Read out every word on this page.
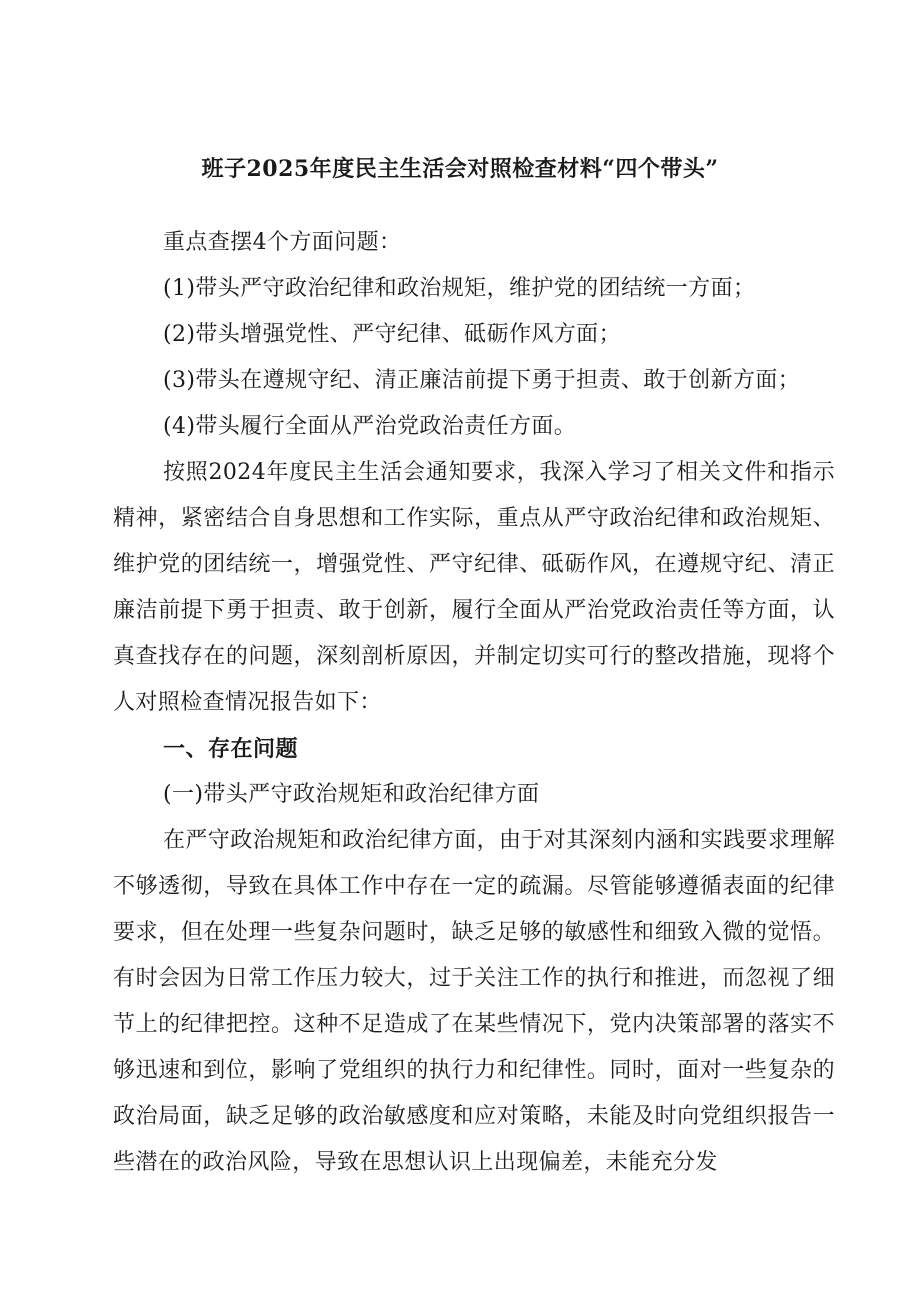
班子2025年度民主生活会对照检查材料“四个带头”

重点查摆4个方面问题：

(1)带头严守政治纪律和政治规矩，维护党的团结统一方面；

(2)带头增强党性、严守纪律、砥砺作风方面；

(3)带头在遵规守纪、清正廉洁前提下勇于担责、敢于创新方面；

(4)带头履行全面从严治党政治责任方面。

按照2024年度民主生活会通知要求，我深入学习了相关文件和指示精神，紧密结合自身思想和工作实际，重点从严守政治纪律和政治规矩、维护党的团结统一，增强党性、严守纪律、砥砺作风，在遵规守纪、清正廉洁前提下勇于担责、敢于创新，履行全面从严治党政治责任等方面，认真查找存在的问题，深刻剖析原因，并制定切实可行的整改措施，现将个人对照检查情况报告如下：

一、存在问题

(一)带头严守政治规矩和政治纪律方面

在严守政治规矩和政治纪律方面，由于对其深刻内涵和实践要求理解不够透彻，导致在具体工作中存在一定的疏漏。尽管能够遵循表面的纪律要求，但在处理一些复杂问题时，缺乏足够的敏感性和细致入微的觉悟。有时会因为日常工作压力较大，过于关注工作的执行和推进，而忽视了细节上的纪律把控。这种不足造成了在某些情况下，党内决策部署的落实不够迅速和到位，影响了党组织的执行力和纪律性。同时，面对一些复杂的政治局面，缺乏足够的政治敏感度和应对策略，未能及时向党组织报告一些潜在的政治风险，导致在思想认识上出现偏差，未能充分发
